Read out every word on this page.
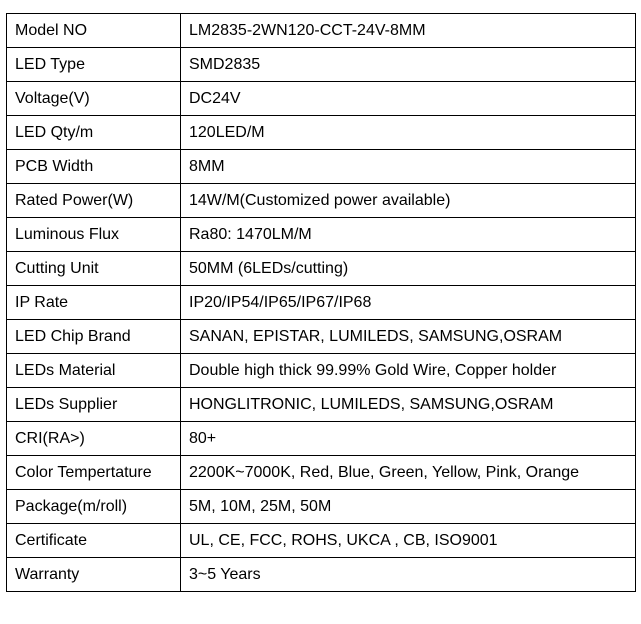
Model NO	LM2835-2WN120-CCT-24V-8MM
LED Type	SMD2835
Voltage(V)	DC24V
LED Qty/m	120LED/M
PCB Width	8MM
Rated Power(W)	14W/M(Customized power available)
Luminous Flux	Ra80: 1470LM/M
Cutting Unit	50MM (6LEDs/cutting)
IP Rate	IP20/IP54/IP65/IP67/IP68
LED Chip Brand	SANAN, EPISTAR, LUMILEDS, SAMSUNG,OSRAM
LEDs Material	Double high thick 99.99% Gold Wire, Copper holder
LEDs Supplier	HONGLITRONIC, LUMILEDS, SAMSUNG,OSRAM
CRI(RA>)	80+
Color Tempertature	2200K~7000K, Red, Blue, Green, Yellow, Pink, Orange
Package(m/roll)	5M, 10M, 25M, 50M
Certificate	UL, CE, FCC, ROHS, UKCA , CB, ISO9001
Warranty	3~5 Years
